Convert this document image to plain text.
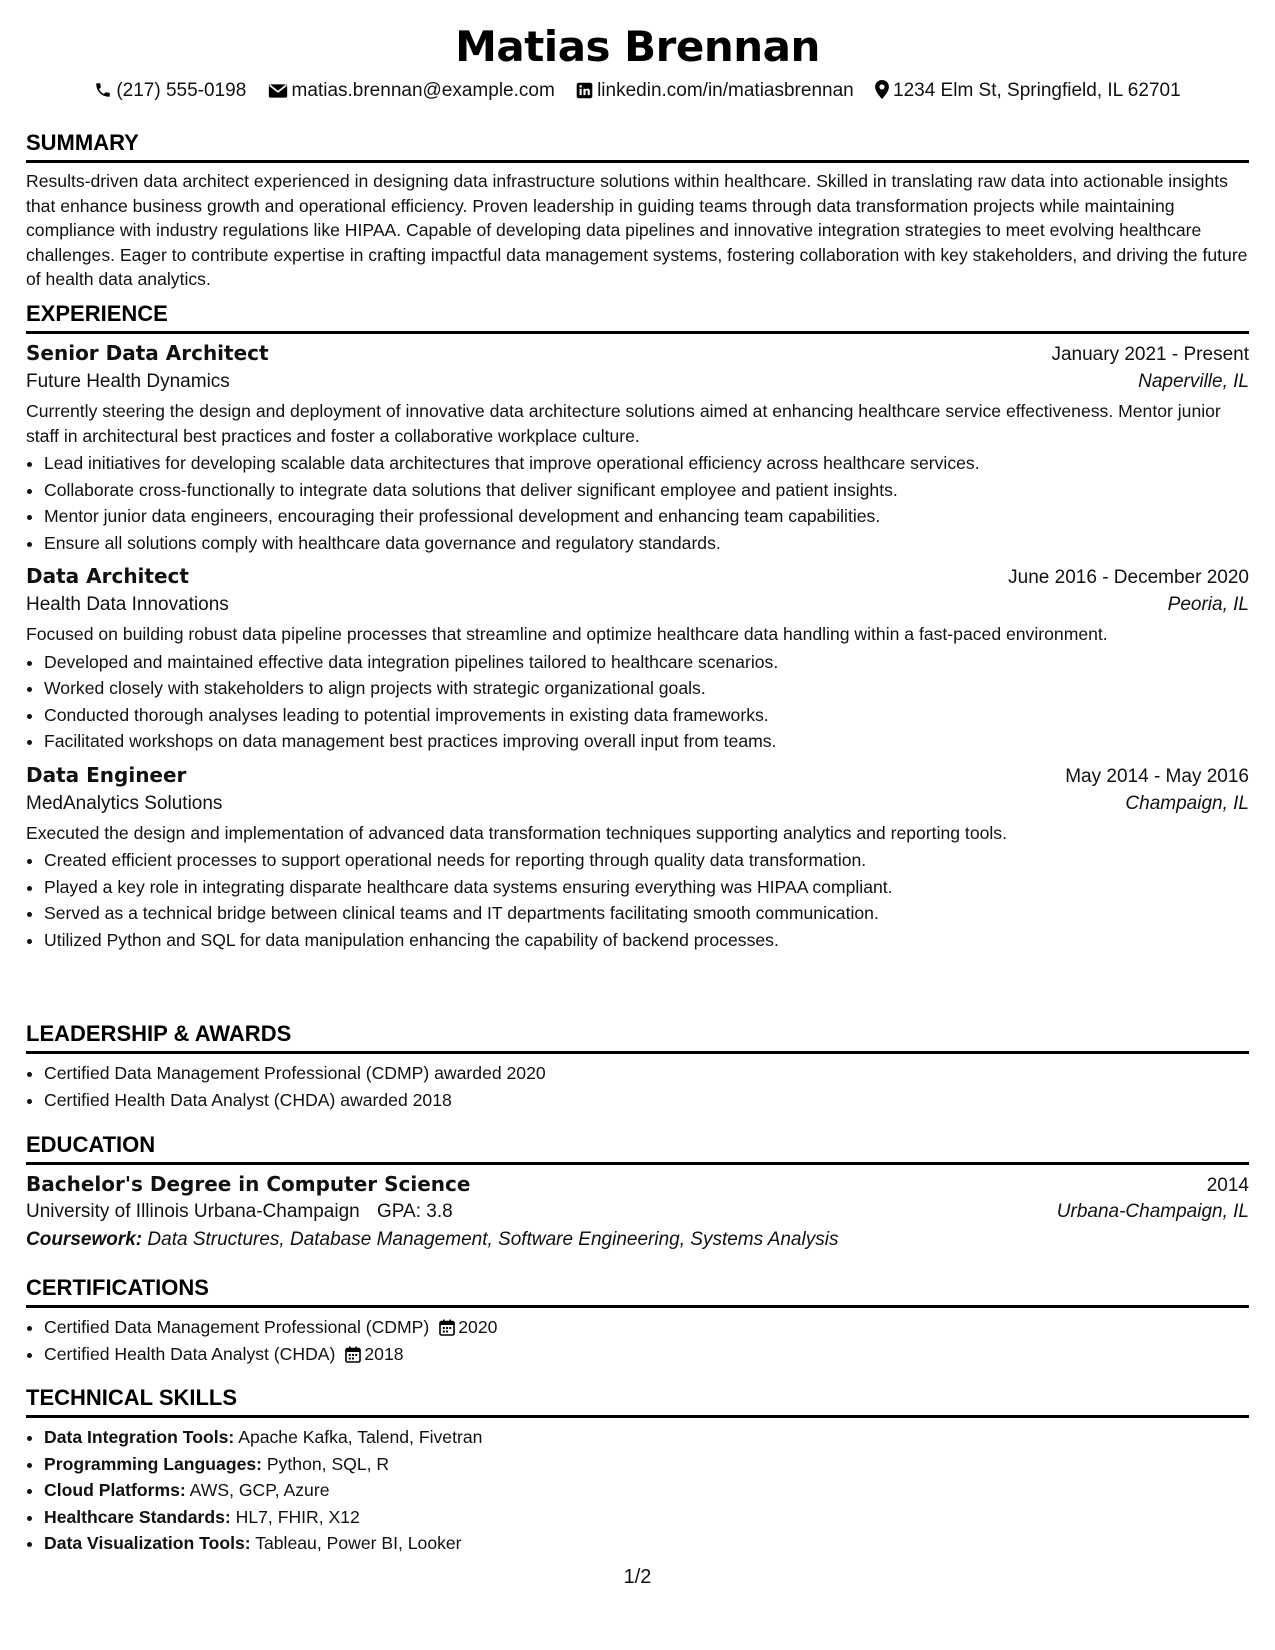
Matias Brennan
(217) 555-0198 matias.brennan@example.com linkedin.com/in/matiasbrennan 1234 Elm St, Springfield, IL 62701
SUMMARY
Results-driven data architect experienced in designing data infrastructure solutions within healthcare. Skilled in translating raw data into actionable insights that enhance business growth and operational efficiency. Proven leadership in guiding teams through data transformation projects while maintaining compliance with industry regulations like HIPAA. Capable of developing data pipelines and innovative integration strategies to meet evolving healthcare challenges. Eager to contribute expertise in crafting impactful data management systems, fostering collaboration with key stakeholders, and driving the future of health data analytics.
EXPERIENCE
Senior Data Architect	January 2021 - Present
Future Health Dynamics	Naperville, IL
Currently steering the design and deployment of innovative data architecture solutions aimed at enhancing healthcare service effectiveness. Mentor junior staff in architectural best practices and foster a collaborative workplace culture.
• Lead initiatives for developing scalable data architectures that improve operational efficiency across healthcare services.
• Collaborate cross-functionally to integrate data solutions that deliver significant employee and patient insights.
• Mentor junior data engineers, encouraging their professional development and enhancing team capabilities.
• Ensure all solutions comply with healthcare data governance and regulatory standards.
Data Architect	June 2016 - December 2020
Health Data Innovations	Peoria, IL
Focused on building robust data pipeline processes that streamline and optimize healthcare data handling within a fast-paced environment.
• Developed and maintained effective data integration pipelines tailored to healthcare scenarios.
• Worked closely with stakeholders to align projects with strategic organizational goals.
• Conducted thorough analyses leading to potential improvements in existing data frameworks.
• Facilitated workshops on data management best practices improving overall input from teams.
Data Engineer	May 2014 - May 2016
MedAnalytics Solutions	Champaign, IL
Executed the design and implementation of advanced data transformation techniques supporting analytics and reporting tools.
• Created efficient processes to support operational needs for reporting through quality data transformation.
• Played a key role in integrating disparate healthcare data systems ensuring everything was HIPAA compliant.
• Served as a technical bridge between clinical teams and IT departments facilitating smooth communication.
• Utilized Python and SQL for data manipulation enhancing the capability of backend processes.
LEADERSHIP & AWARDS
• Certified Data Management Professional (CDMP) awarded 2020
• Certified Health Data Analyst (CHDA) awarded 2018
EDUCATION
Bachelor's Degree in Computer Science	2014
University of Illinois Urbana-Champaign GPA: 3.8	Urbana-Champaign, IL
Coursework: Data Structures, Database Management, Software Engineering, Systems Analysis
CERTIFICATIONS
• Certified Data Management Professional (CDMP) 2020
• Certified Health Data Analyst (CHDA) 2018
TECHNICAL SKILLS
• Data Integration Tools: Apache Kafka, Talend, Fivetran
• Programming Languages: Python, SQL, R
• Cloud Platforms: AWS, GCP, Azure
• Healthcare Standards: HL7, FHIR, X12
• Data Visualization Tools: Tableau, Power BI, Looker
1/2
